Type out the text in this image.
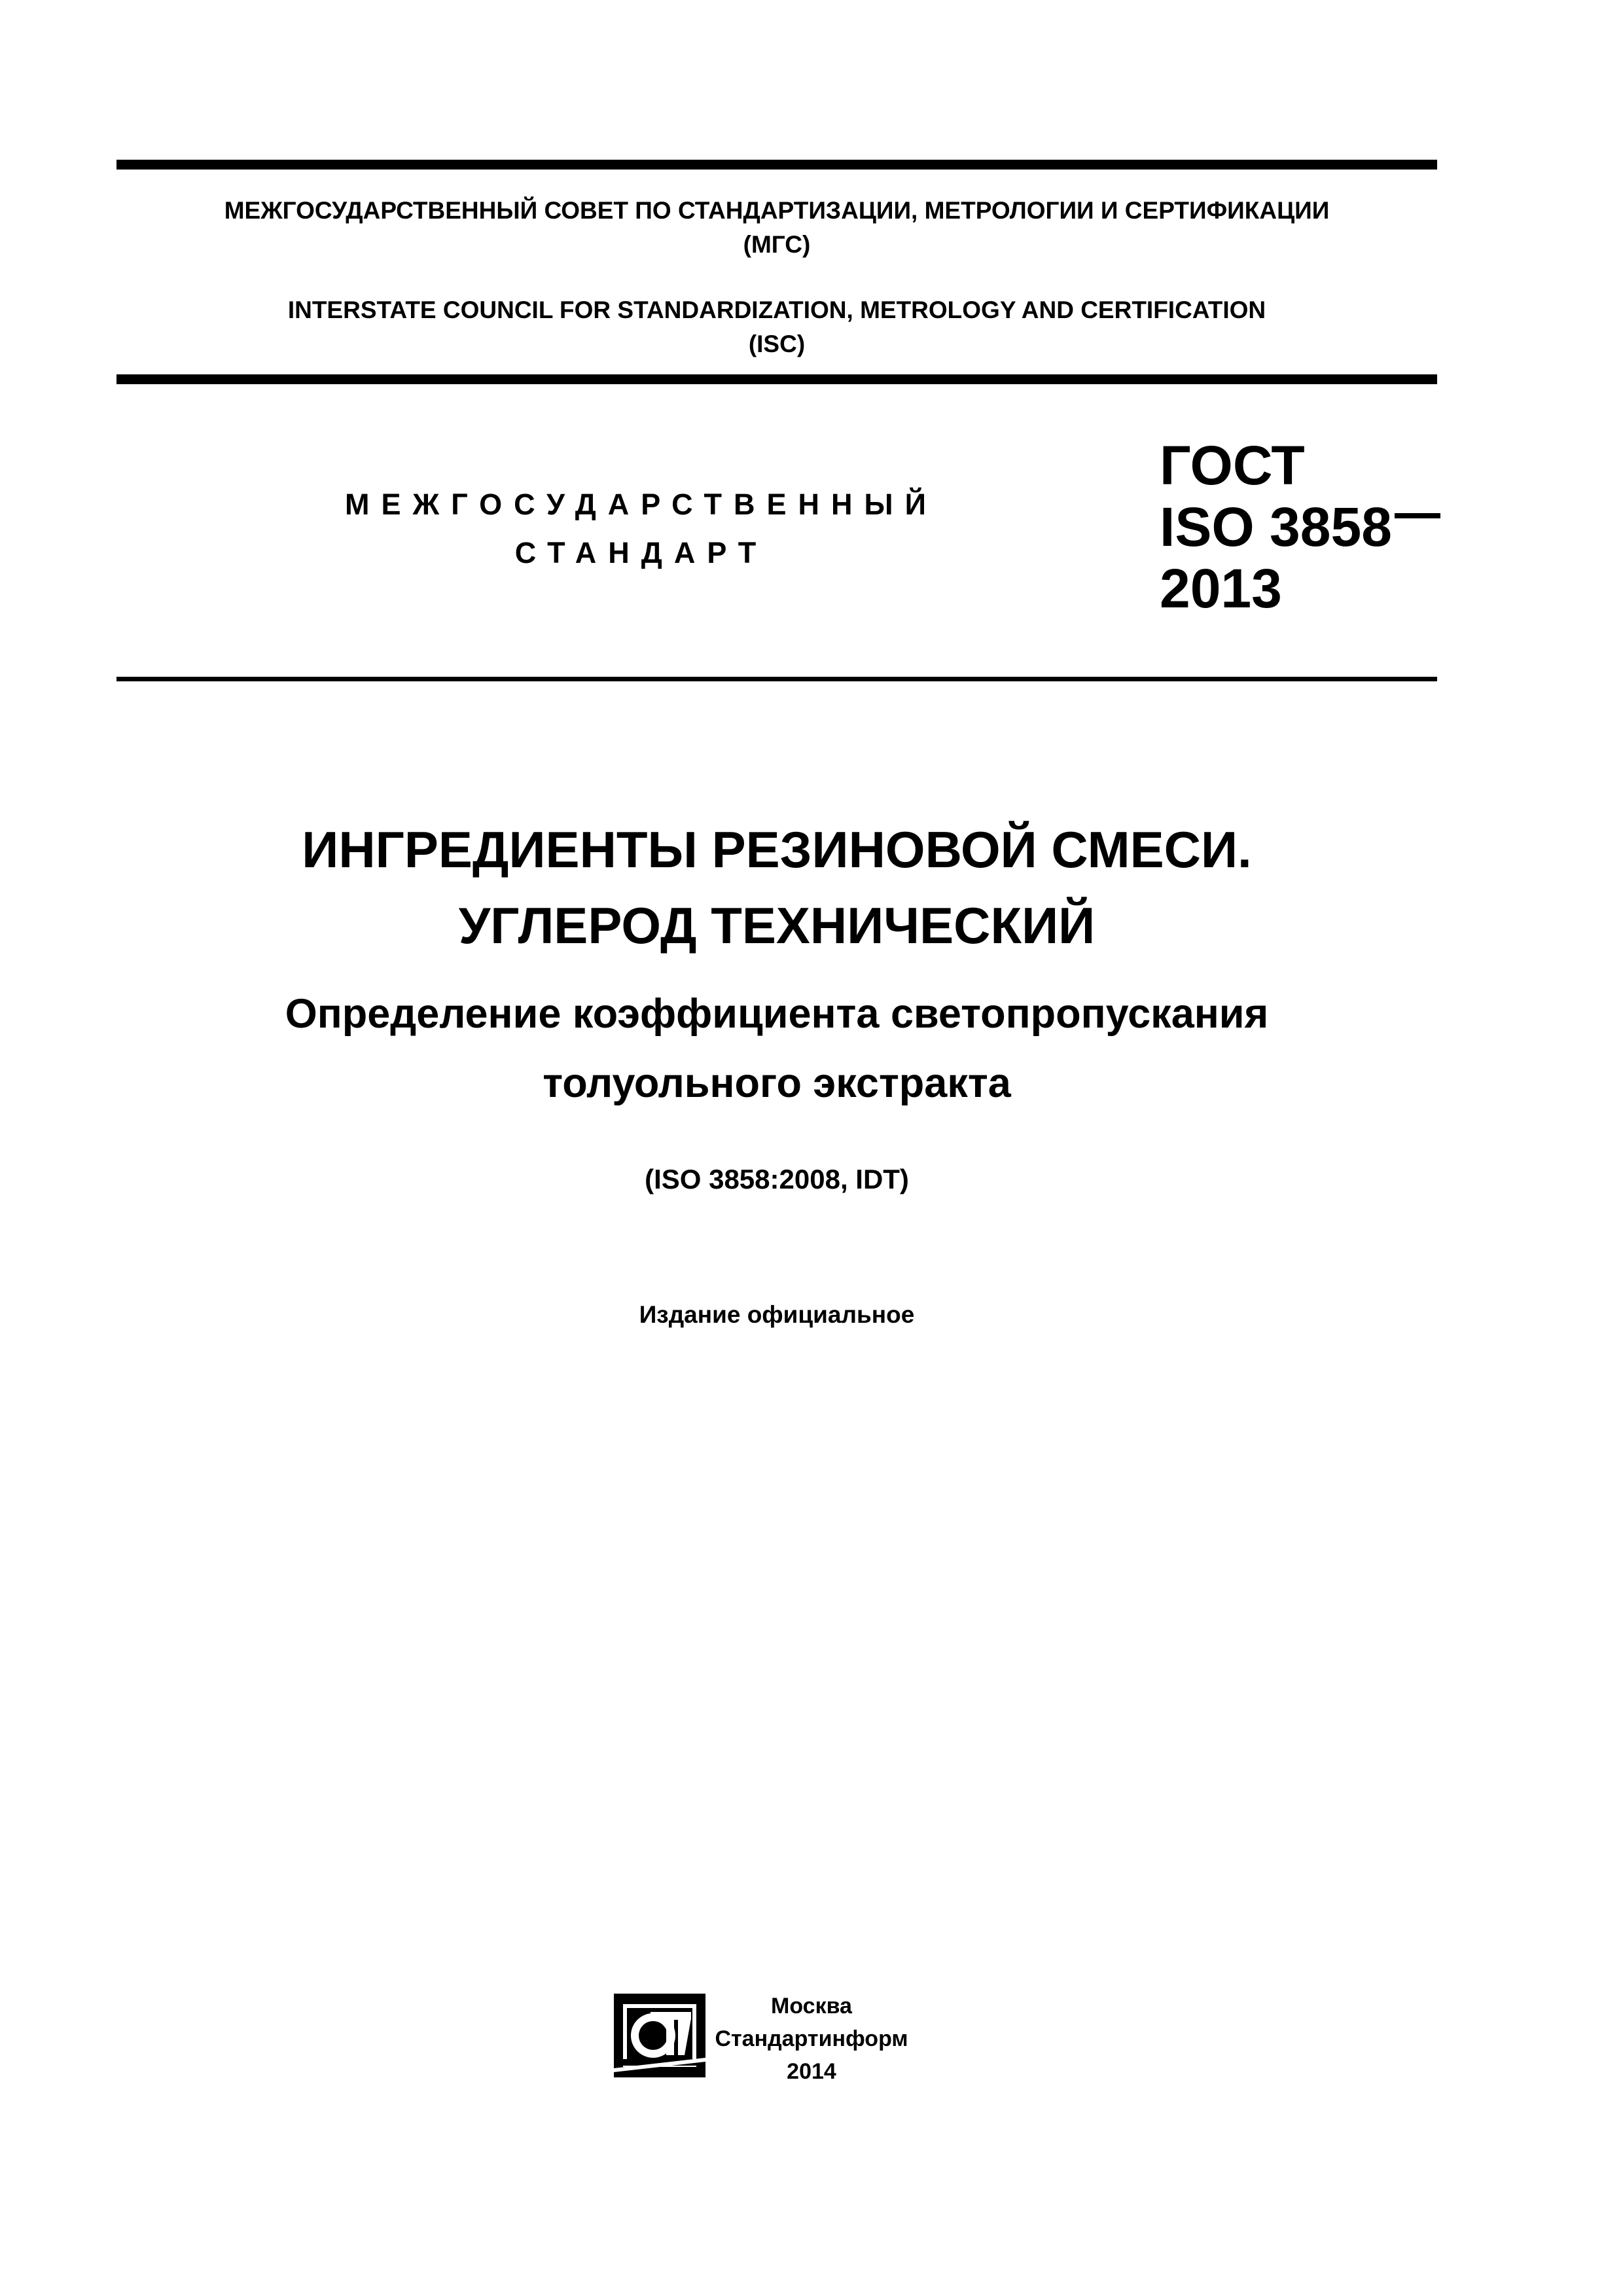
МЕЖГОСУДАРСТВЕННЫЙ СОВЕТ ПО СТАНДАРТИЗАЦИИ, МЕТРОЛОГИИ И СЕРТИФИКАЦИИ
(МГС)
INTERSTATE COUNCIL FOR STANDARDIZATION, METROLOGY AND CERTIFICATION
(ISC)
МЕЖГОСУДАРСТВЕННЫЙ
СТАНДАРТ
ГОСТ
ISO 3858
2013
ИНГРЕДИЕНТЫ РЕЗИНОВОЙ СМЕСИ.
УГЛЕРОД ТЕХНИЧЕСКИЙ
Определение коэффициента светопропускания
толуольного экстракта
(ISO 3858:2008, IDT)
Издание официальное
Москва
Стандартинформ
2014
